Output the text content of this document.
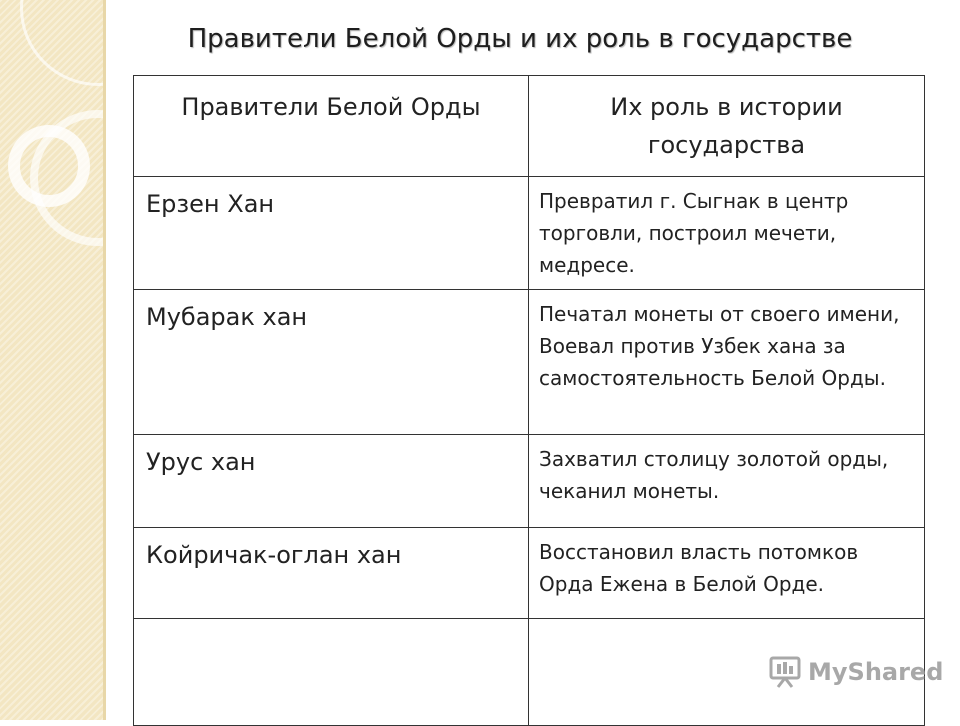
Правители Белой Орды и их роль в государстве
Правители Белой Орды	Их роль в истории государства
Ерзен Хан	Превратил г. Сыгнак в центр торговли, построил мечети, медресе.
Мубарак хан	Печатал монеты от своего имени, Воевал против Узбек хана за самостоятельность Белой Орды.
Урус хан	Захватил столицу золотой орды, чеканил монеты.
Койричак-оглан хан	Восстановил власть потомков Орда Ежена в Белой Орде.

MyShared
